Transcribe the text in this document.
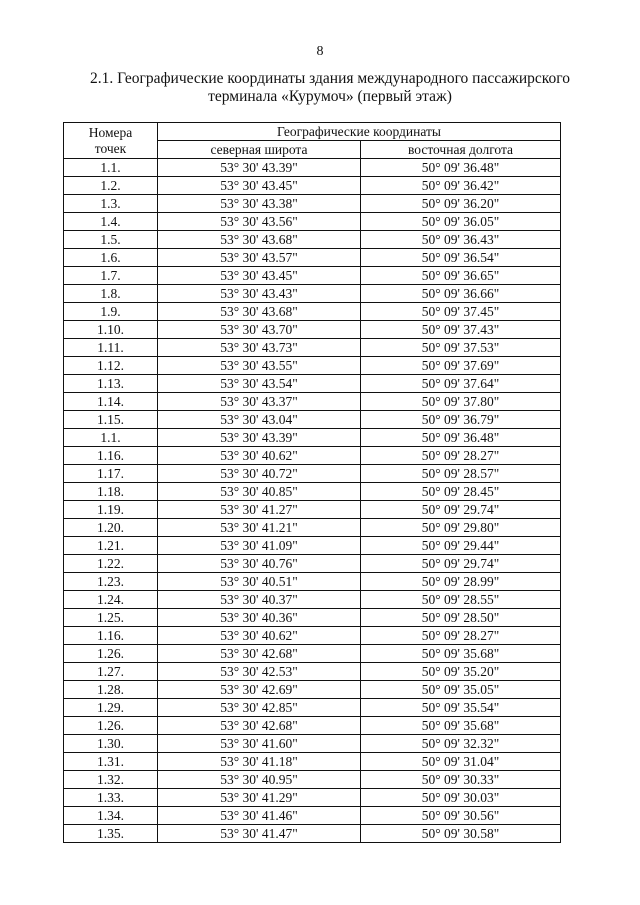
8
2.1. Географические координаты здания международного пассажирского
терминала «Курумоч» (первый этаж)
Номера
точек	Географические координаты	
	северная широта	восточная долгота
1.1.	53° 30' 43.39"	50° 09' 36.48"
1.2.	53° 30' 43.45"	50° 09' 36.42"
1.3.	53° 30' 43.38"	50° 09' 36.20"
1.4.	53° 30' 43.56"	50° 09' 36.05"
1.5.	53° 30' 43.68"	50° 09' 36.43"
1.6.	53° 30' 43.57"	50° 09' 36.54"
1.7.	53° 30' 43.45"	50° 09' 36.65"
1.8.	53° 30' 43.43"	50° 09' 36.66"
1.9.	53° 30' 43.68"	50° 09' 37.45"
1.10.	53° 30' 43.70"	50° 09' 37.43"
1.11.	53° 30' 43.73"	50° 09' 37.53"
1.12.	53° 30' 43.55"	50° 09' 37.69"
1.13.	53° 30' 43.54"	50° 09' 37.64"
1.14.	53° 30' 43.37"	50° 09' 37.80"
1.15.	53° 30' 43.04"	50° 09' 36.79"
1.1.	53° 30' 43.39"	50° 09' 36.48"
1.16.	53° 30' 40.62"	50° 09' 28.27"
1.17.	53° 30' 40.72"	50° 09' 28.57"
1.18.	53° 30' 40.85"	50° 09' 28.45"
1.19.	53° 30' 41.27"	50° 09' 29.74"
1.20.	53° 30' 41.21"	50° 09' 29.80"
1.21.	53° 30' 41.09"	50° 09' 29.44"
1.22.	53° 30' 40.76"	50° 09' 29.74"
1.23.	53° 30' 40.51"	50° 09' 28.99"
1.24.	53° 30' 40.37"	50° 09' 28.55"
1.25.	53° 30' 40.36"	50° 09' 28.50"
1.16.	53° 30' 40.62"	50° 09' 28.27"
1.26.	53° 30' 42.68"	50° 09' 35.68"
1.27.	53° 30' 42.53"	50° 09' 35.20"
1.28.	53° 30' 42.69"	50° 09' 35.05"
1.29.	53° 30' 42.85"	50° 09' 35.54"
1.26.	53° 30' 42.68"	50° 09' 35.68"
1.30.	53° 30' 41.60"	50° 09' 32.32"
1.31.	53° 30' 41.18"	50° 09' 31.04"
1.32.	53° 30' 40.95"	50° 09' 30.33"
1.33.	53° 30' 41.29"	50° 09' 30.03"
1.34.	53° 30' 41.46"	50° 09' 30.56"
1.35.	53° 30' 41.47"	50° 09' 30.58"
